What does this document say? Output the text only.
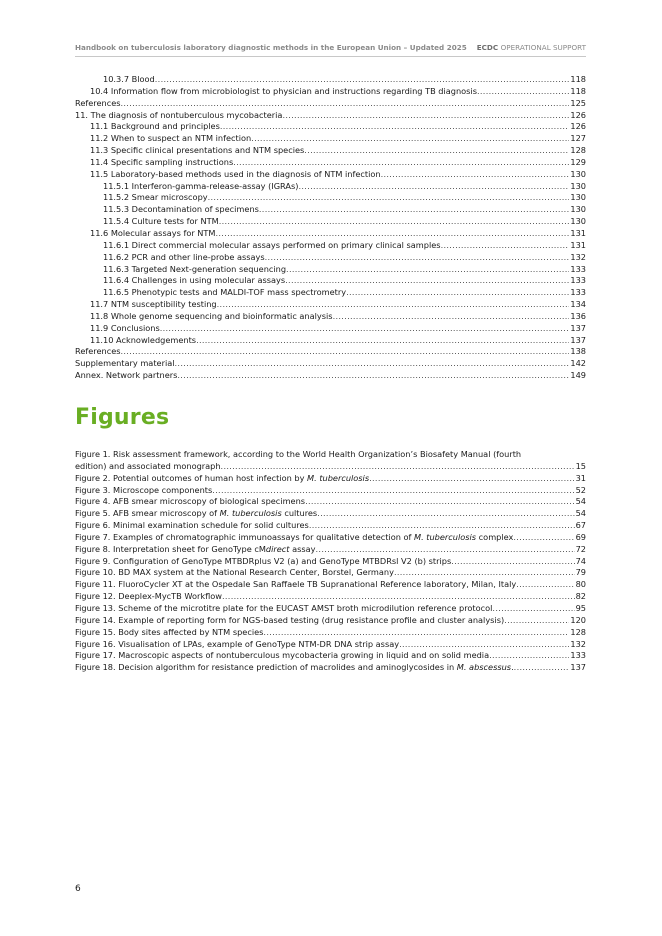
Handbook on tuberculosis laboratory diagnostic methods in the European Union – Updated 2025 ECDC OPERATIONAL SUPPORT
10.3.7 Blood .....	118
10.4 Information flow from microbiologist to physician and instructions regarding TB diagnosis .....	118
References .....	125
11. The diagnosis of nontuberculous mycobacteria .....	126
11.1 Background and principles .....	126
11.2 When to suspect an NTM infection .....	127
11.3 Specific clinical presentations and NTM species .....	128
11.4 Specific sampling instructions .....	129
11.5 Laboratory-based methods used in the diagnosis of NTM infection .....	130
11.5.1 Interferon-gamma-release-assay (IGRAs) .....	130
11.5.2 Smear microscopy .....	130
11.5.3 Decontamination of specimens .....	130
11.5.4 Culture tests for NTM .....	130
11.6 Molecular assays for NTM .....	131
11.6.1 Direct commercial molecular assays performed on primary clinical samples .....	131
11.6.2 PCR and other line-probe assays .....	132
11.6.3 Targeted Next-generation sequencing .....	133
11.6.4 Challenges in using molecular assays .....	133
11.6.5 Phenotypic tests and MALDI-TOF mass spectrometry .....	133
11.7 NTM susceptibility testing .....	134
11.8 Whole genome sequencing and bioinformatic analysis .....	136
11.9 Conclusions .....	137
11.10 Acknowledgements .....	137
References .....	138
Supplementary material .....	142
Annex. Network partners .....	149
Figures
Figure 1. Risk assessment framework, according to the World Health Organization’s Biosafety Manual (fourth
edition) and associated monograph .....	15
Figure 2. Potential outcomes of human host infection by M. tuberculosis .....	31
Figure 3. Microscope components .....	52
Figure 4. AFB smear microscopy of biological specimens .....	54
Figure 5. AFB smear microscopy of M. tuberculosis cultures .....	54
Figure 6. Minimal examination schedule for solid cultures .....	67
Figure 7. Examples of chromatographic immunoassays for qualitative detection of M. tuberculosis complex .....	69
Figure 8. Interpretation sheet for GenoType cMdirect assay .....	72
Figure 9. Configuration of GenoType MTBDRplus V2 (a) and GenoType MTBDRsl V2 (b) strips .....	74
Figure 10. BD MAX system at the National Research Center, Borstel, Germany .....	79
Figure 11. FluoroCycler XT at the Ospedale San Raffaele TB Supranational Reference laboratory, Milan, Italy .....	80
Figure 12. Deeplex-MycTB Workflow .....	82
Figure 13. Scheme of the microtitre plate for the EUCAST AMST broth microdilution reference protocol .....	95
Figure 14. Example of reporting form for NGS-based testing (drug resistance profile and cluster analysis) .....	120
Figure 15. Body sites affected by NTM species .....	128
Figure 16. Visualisation of LPAs, example of GenoType NTM-DR DNA strip assay .....	132
Figure 17. Macroscopic aspects of nontuberculous mycobacteria growing in liquid and on solid media .....	133
Figure 18. Decision algorithm for resistance prediction of macrolides and aminoglycosides in M. abscessus. .....	137
6
